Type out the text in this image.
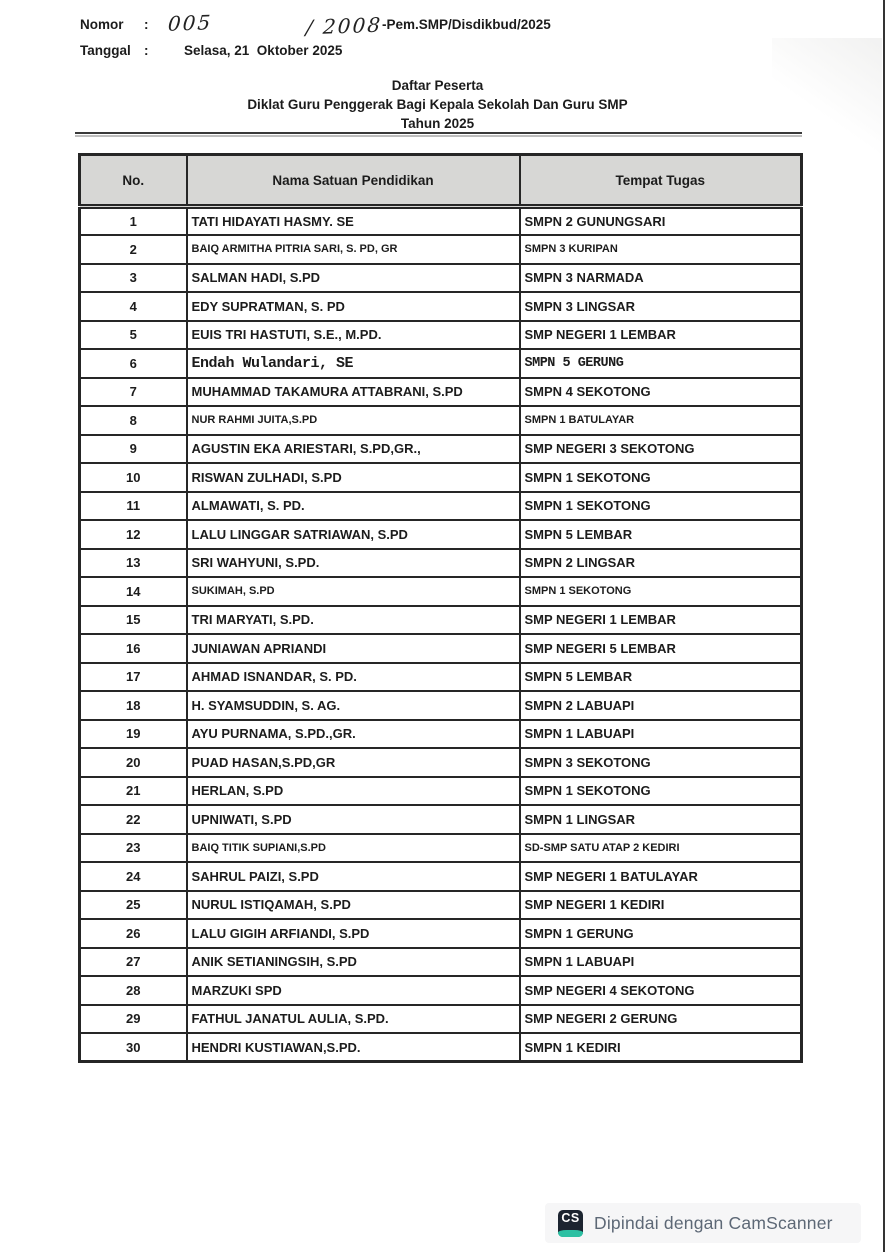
Nomor : 005	/ 2008 -Pem.SMP/Disdikbud/2025
Tanggal :	Selasa, 21  Oktober 2025
Daftar Peserta
Diklat Guru Penggerak Bagi Kepala Sekolah Dan Guru SMP
Tahun 2025
No.	Nama Satuan Pendidikan	Tempat Tugas
1	TATI HIDAYATI HASMY. SE	SMPN 2 GUNUNGSARI
2	BAIQ ARMITHA PITRIA SARI, S. PD, GR	SMPN 3 KURIPAN
3	SALMAN HADI, S.PD	SMPN 3 NARMADA
4	EDY SUPRATMAN, S. PD	SMPN 3 LINGSAR
5	EUIS TRI HASTUTI, S.E., M.PD.	SMP NEGERI 1 LEMBAR
6	Endah Wulandari, SE	SMPN 5 GERUNG
7	MUHAMMAD TAKAMURA ATTABRANI, S.PD	SMPN 4 SEKOTONG
8	NUR RAHMI JUITA,S.PD	SMPN 1 BATULAYAR
9	AGUSTIN EKA ARIESTARI, S.PD,GR.,	SMP NEGERI 3 SEKOTONG
10	RISWAN ZULHADI, S.PD	SMPN 1 SEKOTONG
11	ALMAWATI, S. PD.	SMPN 1 SEKOTONG
12	LALU LINGGAR SATRIAWAN, S.PD	SMPN 5 LEMBAR
13	SRI WAHYUNI, S.PD.	SMPN 2 LINGSAR
14	SUKIMAH, S.PD	SMPN 1 SEKOTONG
15	TRI MARYATI, S.PD.	SMP NEGERI 1 LEMBAR
16	JUNIAWAN APRIANDI	SMP NEGERI 5 LEMBAR
17	AHMAD ISNANDAR, S. PD.	SMPN 5 LEMBAR
18	H. SYAMSUDDIN, S. AG.	SMPN 2 LABUAPI
19	AYU PURNAMA, S.PD.,GR.	SMPN 1 LABUAPI
20	PUAD HASAN,S.PD,GR	SMPN 3 SEKOTONG
21	HERLAN, S.PD	SMPN 1 SEKOTONG
22	UPNIWATI, S.PD	SMPN 1 LINGSAR
23	BAIQ TITIK SUPIANI,S.PD	SD-SMP SATU ATAP 2 KEDIRI
24	SAHRUL PAIZI, S.PD	SMP NEGERI 1 BATULAYAR
25	NURUL ISTIQAMAH, S.PD	SMP NEGERI 1 KEDIRI
26	LALU GIGIH ARFIANDI, S.PD	SMPN 1 GERUNG
27	ANIK SETIANINGSIH, S.PD	SMPN 1 LABUAPI
28	MARZUKI SPD	SMP NEGERI 4 SEKOTONG
29	FATHUL JANATUL AULIA, S.PD.	SMP NEGERI 2 GERUNG
30	HENDRI KUSTIAWAN,S.PD.	SMPN 1 KEDIRI
CS Dipindai dengan CamScanner
